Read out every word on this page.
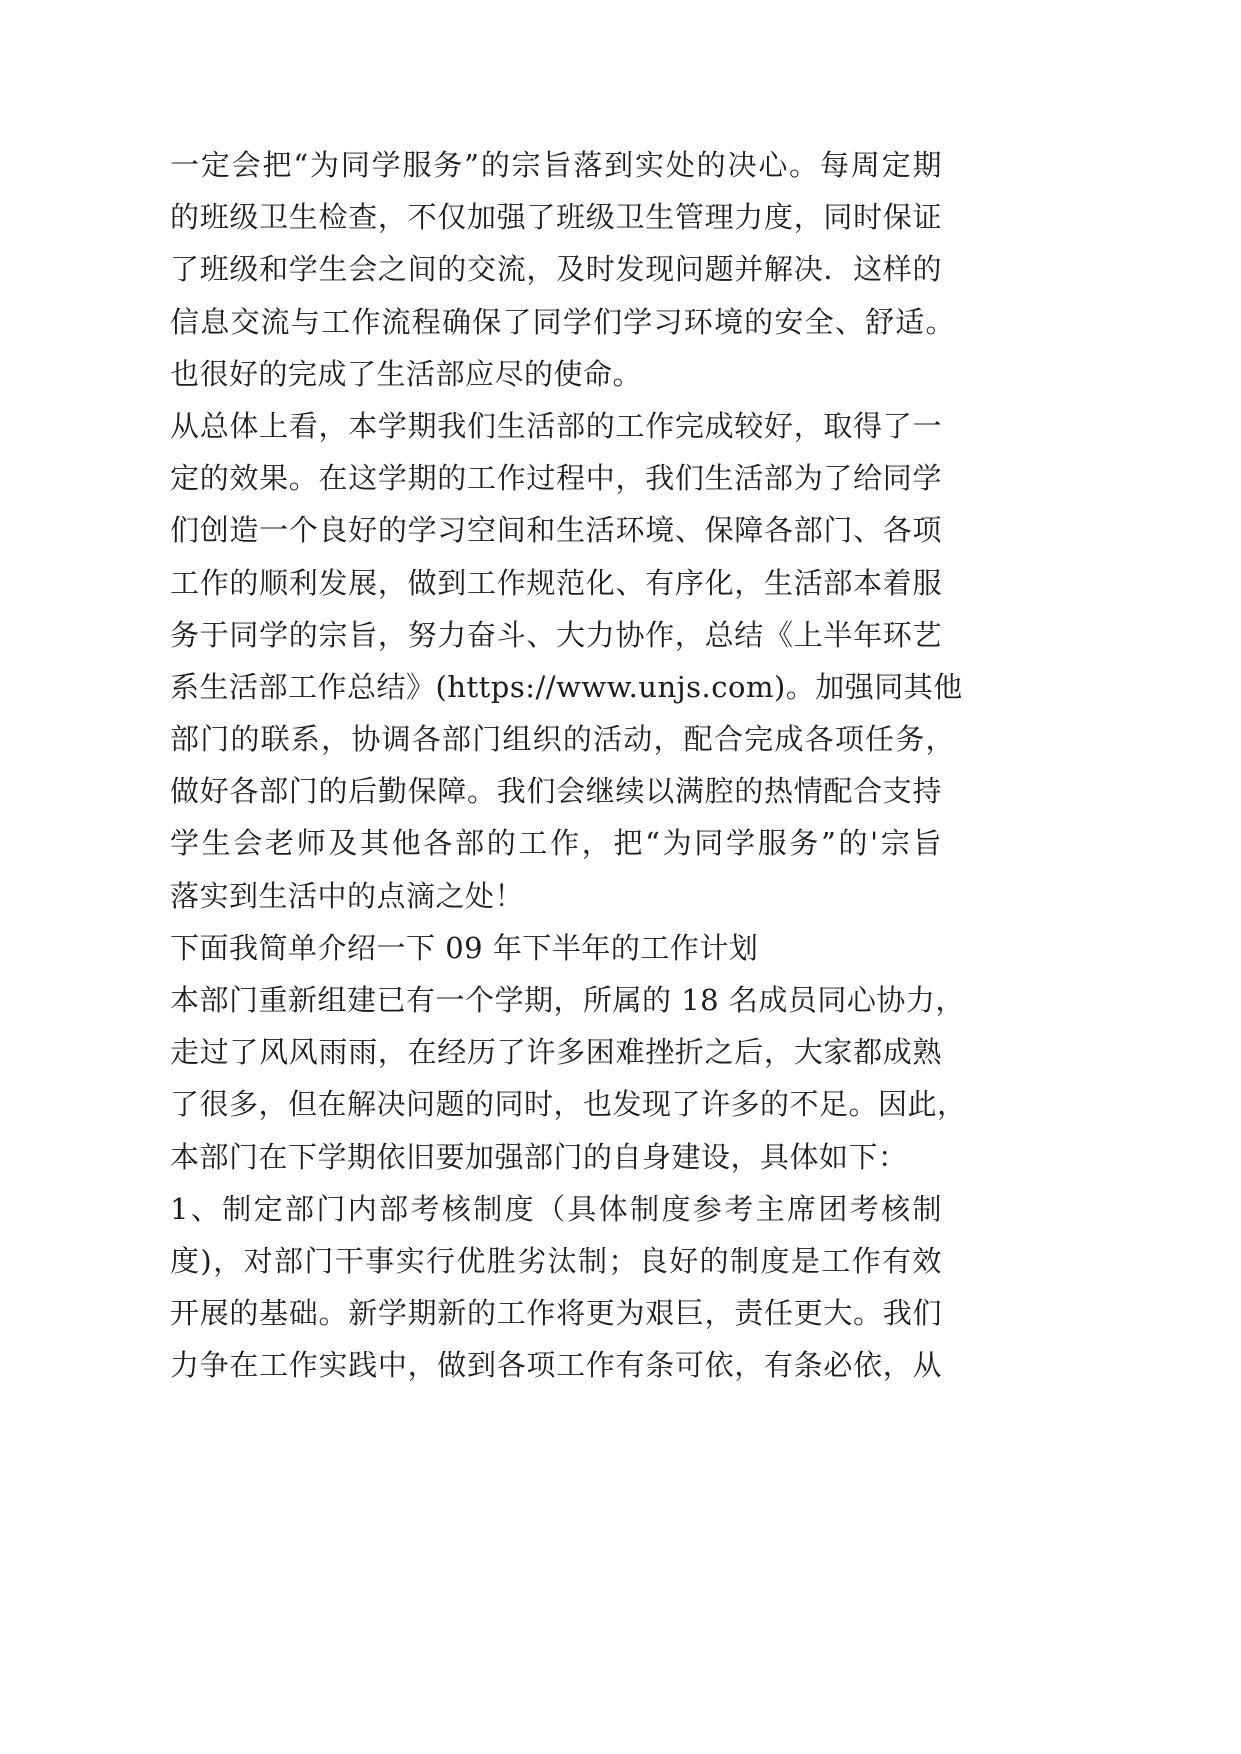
一定会把“为同学服务”的宗旨落到实处的决心。每周定期
的班级卫生检查，不仅加强了班级卫生管理力度，同时保证
了班级和学生会之间的交流，及时发现问题并解决．这样的
信息交流与工作流程确保了同学们学习环境的安全、舒适。
也很好的完成了生活部应尽的使命。
从总体上看，本学期我们生活部的工作完成较好，取得了一
定的效果。在这学期的工作过程中，我们生活部为了给同学
们创造一个良好的学习空间和生活环境、保障各部门、各项
工作的顺利发展，做到工作规范化、有序化，生活部本着服
务于同学的宗旨，努力奋斗、大力协作，总结《上半年环艺
系生活部工作总结》(https://www.unjs.com)。加强同其他
部门的联系，协调各部门组织的活动，配合完成各项任务，
做好各部门的后勤保障。我们会继续以满腔的热情配合支持
学生会老师及其他各部的工作，把“为同学服务”的'宗旨
落实到生活中的点滴之处！
下面我简单介绍一下 09 年下半年的工作计划
本部门重新组建已有一个学期，所属的 18 名成员同心协力，
走过了风风雨雨，在经历了许多困难挫折之后，大家都成熟
了很多，但在解决问题的同时，也发现了许多的不足。因此，
本部门在下学期依旧要加强部门的自身建设，具体如下：
1、制定部门内部考核制度（具体制度参考主席团考核制
度)，对部门干事实行优胜劣汰制；良好的制度是工作有效
开展的基础。新学期新的工作将更为艰巨，责任更大。我们
力争在工作实践中，做到各项工作有条可依，有条必依，从
